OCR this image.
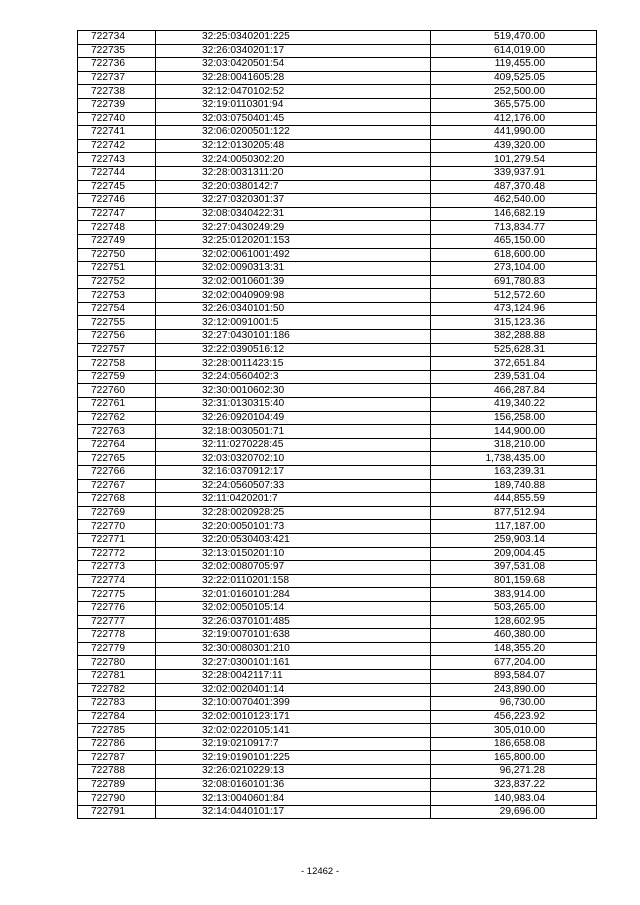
722734	32:25:0340201:225	519,470.00
722735	32:26:0340201:17	614,019.00
722736	32:03:0420501:54	119,455.00
722737	32:28:0041605:28	409,525.05
722738	32:12:0470102:52	252,500.00
722739	32:19:0110301:94	365,575.00
722740	32:03:0750401:45	412,176.00
722741	32:06:0200501:122	441,990.00
722742	32:12:0130205:48	439,320.00
722743	32:24:0050302:20	101,279.54
722744	32:28:0031311:20	339,937.91
722745	32:20:0380142:7	487,370.48
722746	32:27:0320301:37	462,540.00
722747	32:08:0340422:31	146,682.19
722748	32:27:0430249:29	713,834.77
722749	32:25:0120201:153	465,150.00
722750	32:02:0061001:492	618,600.00
722751	32:02:0090313:31	273,104.00
722752	32:02:0010601:39	691,780.83
722753	32:02:0040909:98	512,572.60
722754	32:26:0340101:50	473,124.96
722755	32:12:0091001:5	315,123.36
722756	32:27:0430101:186	382,288.88
722757	32:22:0390516:12	525,628.31
722758	32:28:0011423:15	372,651.84
722759	32:24:0560402:3	239,531.04
722760	32:30:0010602:30	466,287.84
722761	32:31:0130315:40	419,340.22
722762	32:26:0920104:49	156,258.00
722763	32:18:0030501:71	144,900.00
722764	32:11:0270228:45	318,210.00
722765	32:03:0320702:10	1,738,435.00
722766	32:16:0370912:17	163,239.31
722767	32:24:0560507:33	189,740.88
722768	32:11:0420201:7	444,855.59
722769	32:28:0020928:25	877,512.94
722770	32:20:0050101:73	117,187.00
722771	32:20:0530403:421	259,903.14
722772	32:13:0150201:10	209,004.45
722773	32:02:0080705:97	397,531.08
722774	32:22:0110201:158	801,159.68
722775	32:01:0160101:284	383,914.00
722776	32:02:0050105:14	503,265.00
722777	32:26:0370101:485	128,602.95
722778	32:19:0070101:638	460,380.00
722779	32:30:0080301:210	148,355.20
722780	32:27:0300101:161	677,204.00
722781	32:28:0042117:11	893,584.07
722782	32:02:0020401:14	243,890.00
722783	32:10:0070401:399	96,730.00
722784	32:02:0010123:171	456,223.92
722785	32:02:0220105:141	305,010.00
722786	32:19:0210917:7	186,658.08
722787	32:19:0190101:225	165,800.00
722788	32:26:0210229:13	96,271.28
722789	32:08:0160101:36	323,837.22
722790	32:13:0040601:84	140,983.04
722791	32:14:0440101:17	29,696.00
- 12462 -
